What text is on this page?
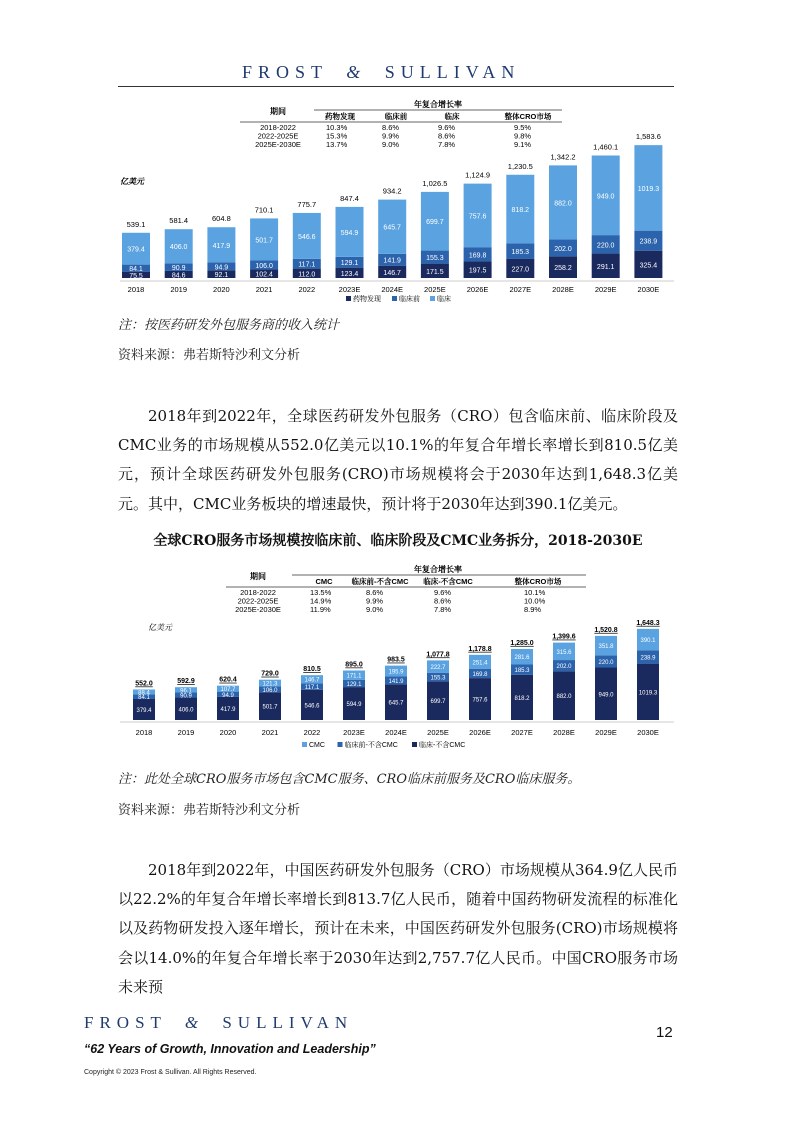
FROST & SULLIVAN
期间
年复合增长率
药物发现	临床前	临床	整体CRO市场
2018-2022	10.3%	8.6%	9.6%	9.5%
2022-2025E	15.3%	9.9%	8.6%	9.8%
2025E-2030E	13.7%	9.0%	7.8%	9.1%
亿美元
75.5
84.1
379.4
539.1
84.6
90.9
406.0
581.4
92.1
94.9
417.9
604.8
102.4
106.0
501.7
710.1
112.0
117.1
546.6
775.7
123.4
129.1
594.9
847.4
146.7
141.9
645.7
934.2
171.5
155.3
699.7
1,026.5
197.5
169.8
757.6
1,124.9
227.0
185.3
818.2
1,230.5
258.2
202.0
882.0
1,342.2
291.1
220.0
949.0
1,460.1
325.4
238.9
1019.3
1,583.6
2018	2019	2020	2021	2022	2023E	2024E	2025E	2026E	2027E	2028E	2029E	2030E
药物发现	临床前 临床
注：按医药研发外包服务商的收入统计
资料来源：弗若斯特沙利文分析

2018年到2022年，全球医药研发外包服务（CRO）包含临床前、临床阶段及CMC业务的市场规模从552.0亿美元以10.1%的年复合年增长率增长到810.5亿美元，预计全球医药研发外包服务(CRO)市场规模将会于2030年达到1,648.3亿美元。其中，CMC业务板块的增速最快，预计将于2030年达到390.1亿美元。

全球CRO服务市场规模按临床前、临床阶段及CMC业务拆分，2018-2030E
期间
年复合增长率
CMC	临床前-不含CMC 临床-不含CMC	整体CRO市场
2018-2022	13.5%	8.6%	9.6%	10.1%
2022-2025E	14.9%	9.9%	8.6%	10.0%
2025E-2030E	11.9%	9.0%	7.8%	8.9%
亿美元
379.4
84.1
88.4
552.0
406.0
90.9
96.1
592.9
417.9
94.9
107.7
620.4
501.7
106.0
121.3
729.0
546.6
117.1
146.7
810.5
594.9
129.1
171.1
895.0
645.7
141.9
195.9
983.5
699.7
155.3
222.7
1,077.8
757.6
169.8
251.4
1,178.8
818.2
185.3
281.6
1,285.0
882.0
202.0
315.6
1,399.6
949.0
220.0
351.8
1,520.8
1019.3
238.9
390.1
1,648.3
2018	2019	2020	2021	2022	2023E	2024E	2025E	2026E	2027E	2028E	2029E	2030E
CMC	临床前-不含CMC	临床-不含CMC
注：此处全球CRO服务市场包含CMC服务、CRO临床前服务及CRO临床服务。
资料来源：弗若斯特沙利文分析

2018年到2022年，中国医药研发外包服务（CRO）市场规模从364.9亿人民币以22.2%的年复合年增长率增长到813.7亿人民币，随着中国药物研发流程的标准化以及药物研发投入逐年增长，预计在未来，中国医药研发外包服务(CRO)市场规模将会以14.0%的年复合年增长率于2030年达到2,757.7亿人民币。中国CRO服务市场未来预

FROST & SULLIVAN
12
“62 Years of Growth, Innovation and Leadership”
Copyright © 2023 Frost & Sullivan. All Rights Reserved.
